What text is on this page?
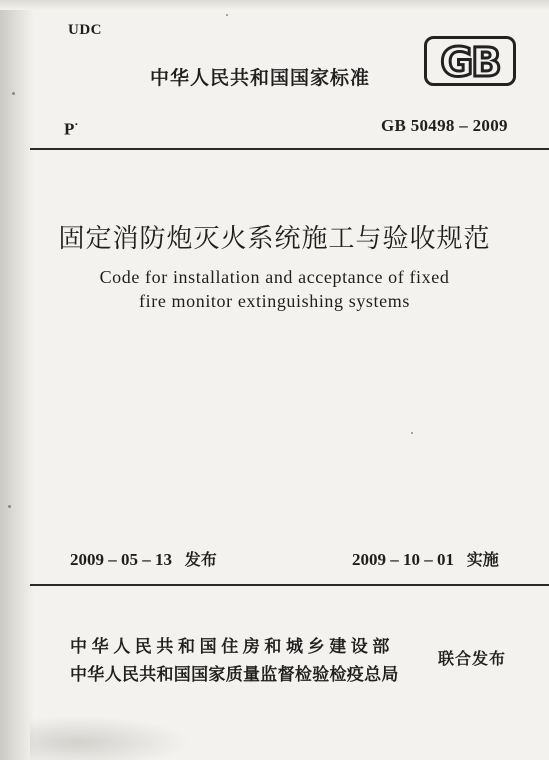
UDC
中华人民共和国国家标准 GB
P·	GB 50498 – 2009
固定消防炮灭火系统施工与验收规范
Code for installation and acceptance of fixed
fire monitor extinguishing systems
2009 – 05 – 13 发布	2009 – 10 – 01 实施
中华人民共和国住房和城乡建设部
中华人民共和国国家质量监督检验检疫总局
联合发布
